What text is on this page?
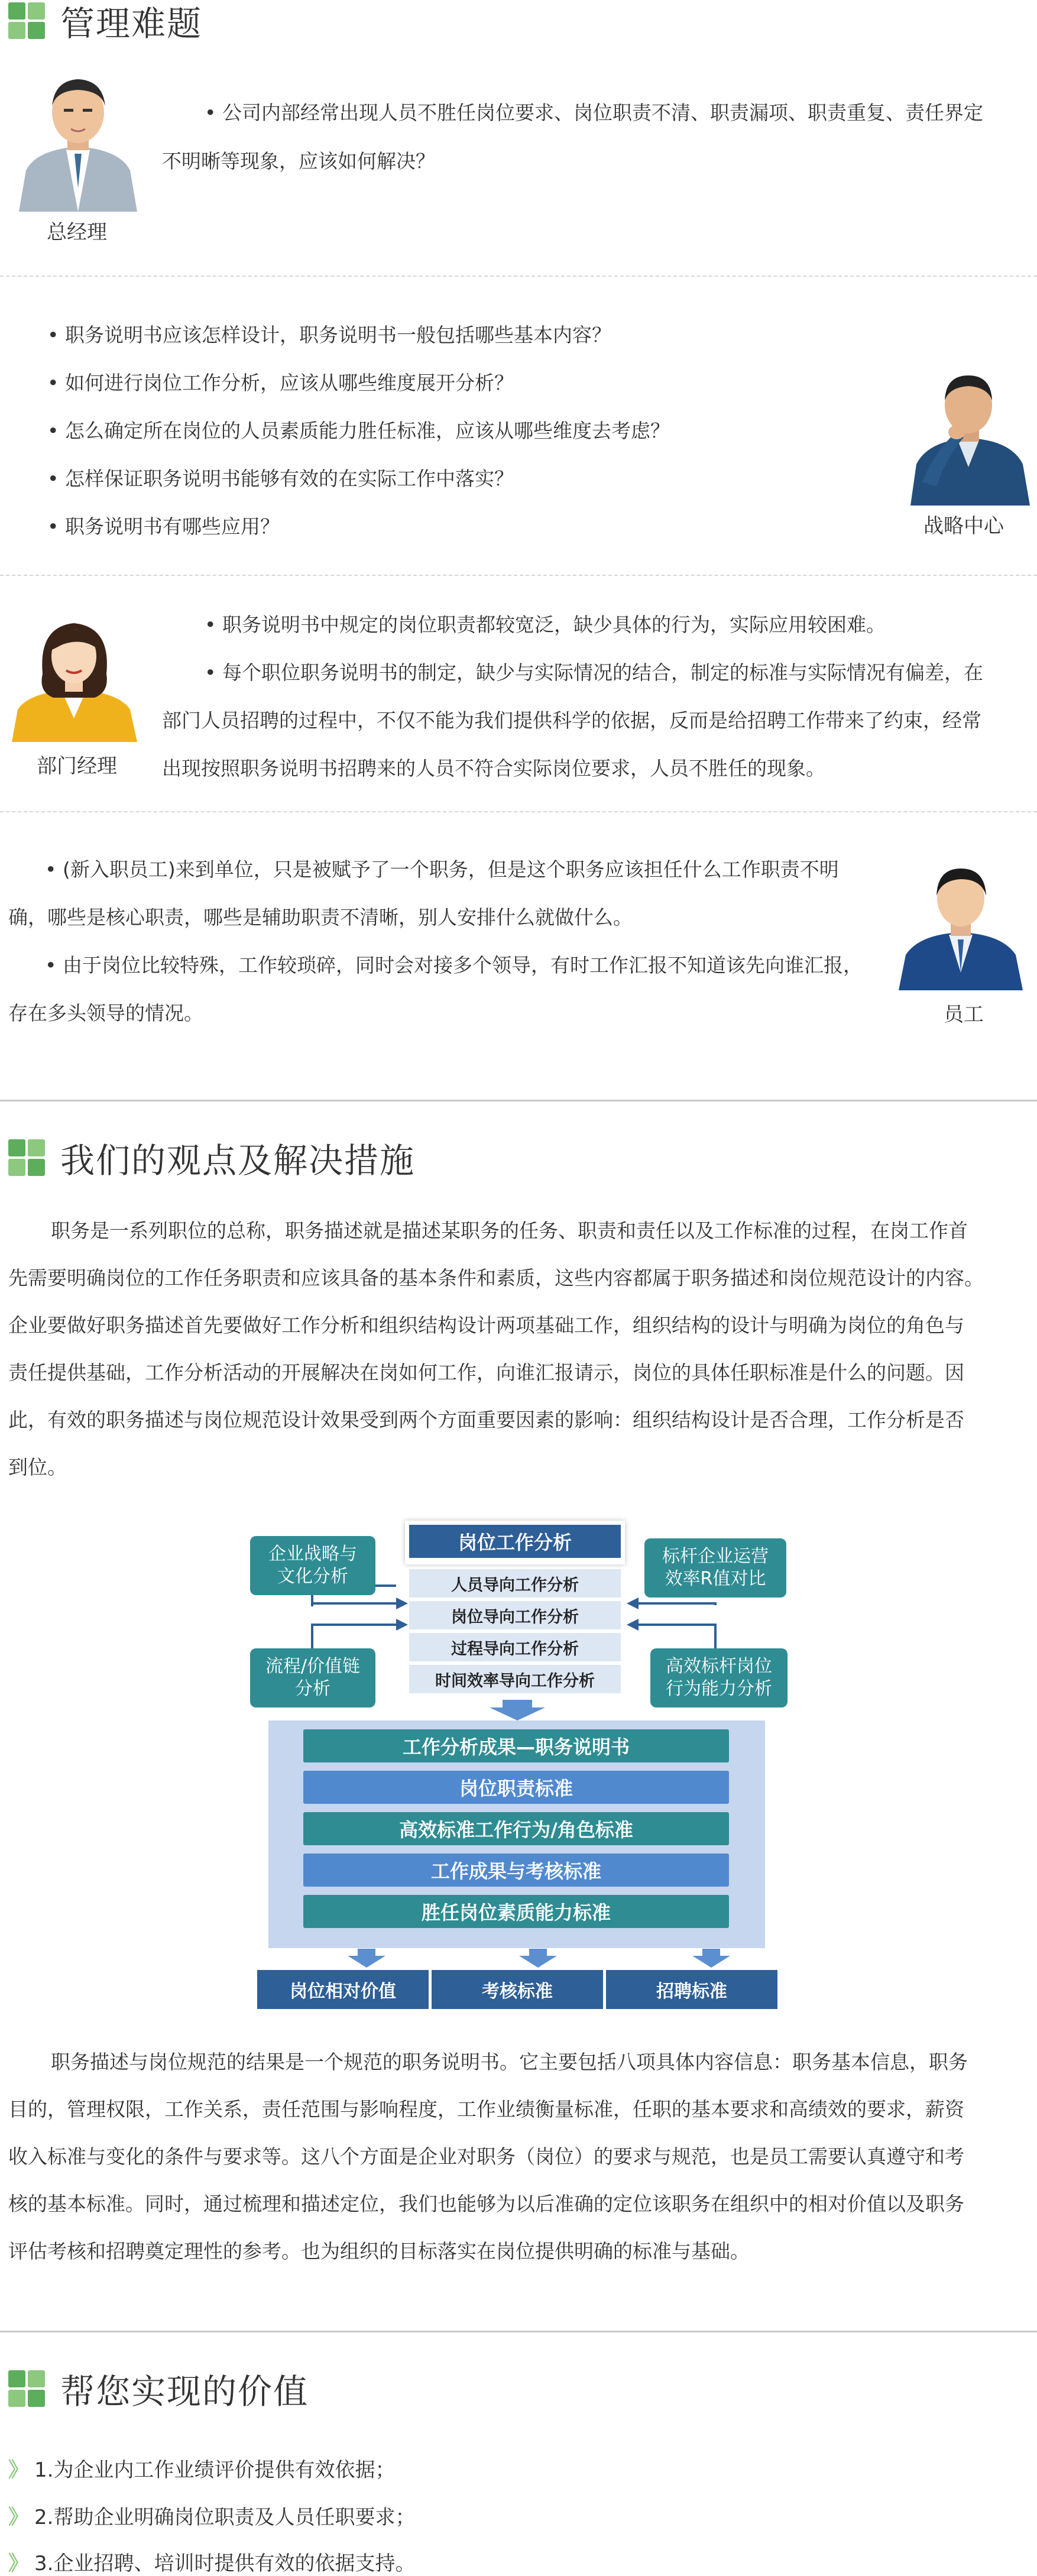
管理难题
总经理

• 公司内部经常出现人员不胜任岗位要求、岗位职责不清、职责漏项、职责重复、责任界定

不明晰等现象，应该如何解决？

• 职务说明书应该怎样设计，职务说明书一般包括哪些基本内容？

• 如何进行岗位工作分析，应该从哪些维度展开分析？

• 怎么确定所在岗位的人员素质能力胜任标准，应该从哪些维度去考虑？

• 怎样保证职务说明书能够有效的在实际工作中落实？

• 职务说明书有哪些应用？	战略中心
部门经理

• 职务说明书中规定的岗位职责都较宽泛，缺少具体的行为，实际应用较困难。

• 每个职位职务说明书的制定，缺少与实际情况的结合，制定的标准与实际情况有偏差，在

部门人员招聘的过程中，不仅不能为我们提供科学的依据，反而是给招聘工作带来了约束，经常

出现按照职务说明书招聘来的人员不符合实际岗位要求，人员不胜任的现象。

• (新入职员工)来到单位，只是被赋予了一个职务，但是这个职务应该担任什么工作职责不明

确，哪些是核心职责，哪些是辅助职责不清晰，别人安排什么就做什么。

• 由于岗位比较特殊，工作较琐碎，同时会对接多个领导，有时工作汇报不知道该先向谁汇报，

存在多头领导的情况。	员工
我们的观点及解决措施

职务是一系列职位的总称，职务描述就是描述某职务的任务、职责和责任以及工作标准的过程，在岗工作首

先需要明确岗位的工作任务职责和应该具备的基本条件和素质，这些内容都属于职务描述和岗位规范设计的内容。

企业要做好职务描述首先要做好工作分析和组织结构设计两项基础工作，组织结构的设计与明确为岗位的角色与

责任提供基础，工作分析活动的开展解决在岗如何工作，向谁汇报请示，岗位的具体任职标准是什么的问题。因

此，有效的职务描述与岗位规范设计效果受到两个方面重要因素的影响：组织结构设计是否合理，工作分析是否

到位。

岗位工作分析
人员导向工作分析
岗位导向工作分析
过程导向工作分析
时间效率导向工作分析
企业战略与
文化分析
流程/价值链
分析
标杆企业运营
效率R值对比
高效标杆岗位
行为能力分析
工作分析成果—职务说明书
岗位职责标准
高效标准工作行为/角色标准
工作成果与考核标准
胜任岗位素质能力标准
岗位相对价值	考核标准	招聘标准

职务描述与岗位规范的结果是一个规范的职务说明书。它主要包括八项具体内容信息：职务基本信息，职务

目的，管理权限，工作关系，责任范围与影响程度，工作业绩衡量标准，任职的基本要求和高绩效的要求，薪资

收入标准与变化的条件与要求等。这八个方面是企业对职务（岗位）的要求与规范，也是员工需要认真遵守和考

核的基本标准。同时，通过梳理和描述定位，我们也能够为以后准确的定位该职务在组织中的相对价值以及职务

评估考核和招聘奠定理性的参考。也为组织的目标落实在岗位提供明确的标准与基础。

帮您实现的价值
》 1.为企业内工作业绩评价提供有效依据；
》 2.帮助企业明确岗位职责及人员任职要求；
》 3.企业招聘、培训时提供有效的依据支持。
